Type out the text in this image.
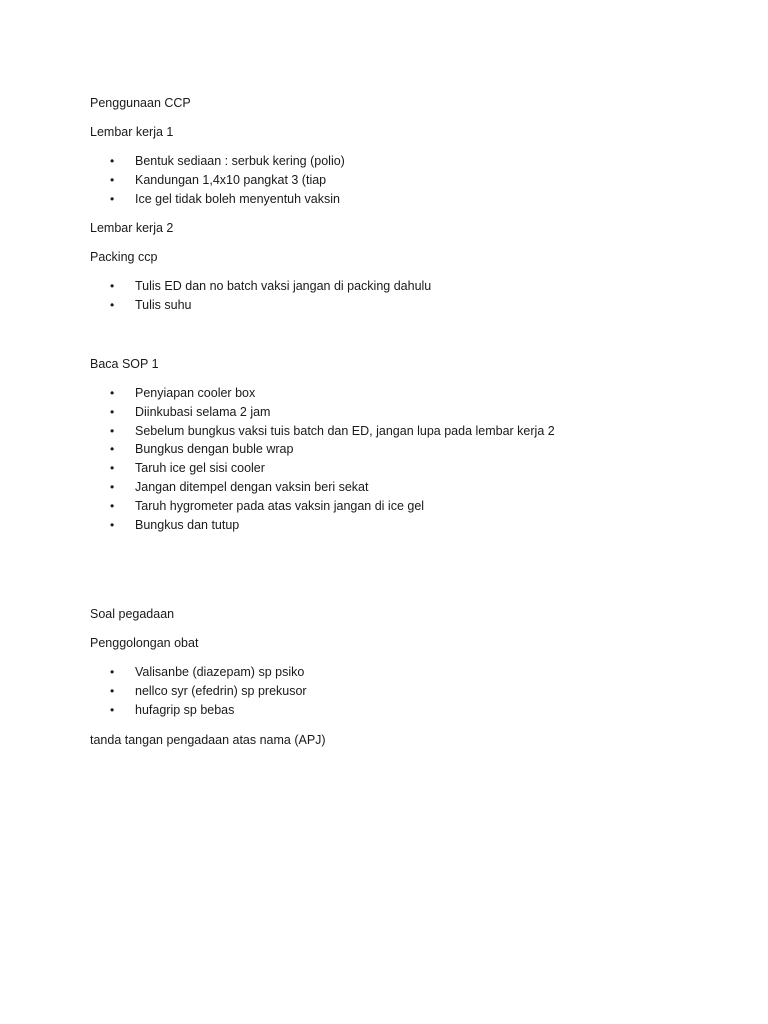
Penggunaan CCP

Lembar kerja 1

• Bentuk sediaan : serbuk kering (polio)
• Kandungan 1,4x10 pangkat 3 (tiap
• Ice gel tidak boleh menyentuh vaksin

Lembar kerja 2

Packing ccp

• Tulis ED dan no batch vaksi jangan di packing dahulu
• Tulis suhu

Baca SOP 1

• Penyiapan cooler box
• Diinkubasi selama 2 jam
• Sebelum bungkus vaksi tuis batch dan ED, jangan lupa pada lembar kerja 2
• Bungkus dengan buble wrap
• Taruh ice gel sisi cooler
• Jangan ditempel dengan vaksin beri sekat
• Taruh hygrometer pada atas vaksin jangan di ice gel
• Bungkus dan tutup

Soal pegadaan

Penggolongan obat

• Valisanbe (diazepam) sp psiko
• nellco syr (efedrin) sp prekusor
• hufagrip sp bebas

tanda tangan pengadaan atas nama (APJ)
